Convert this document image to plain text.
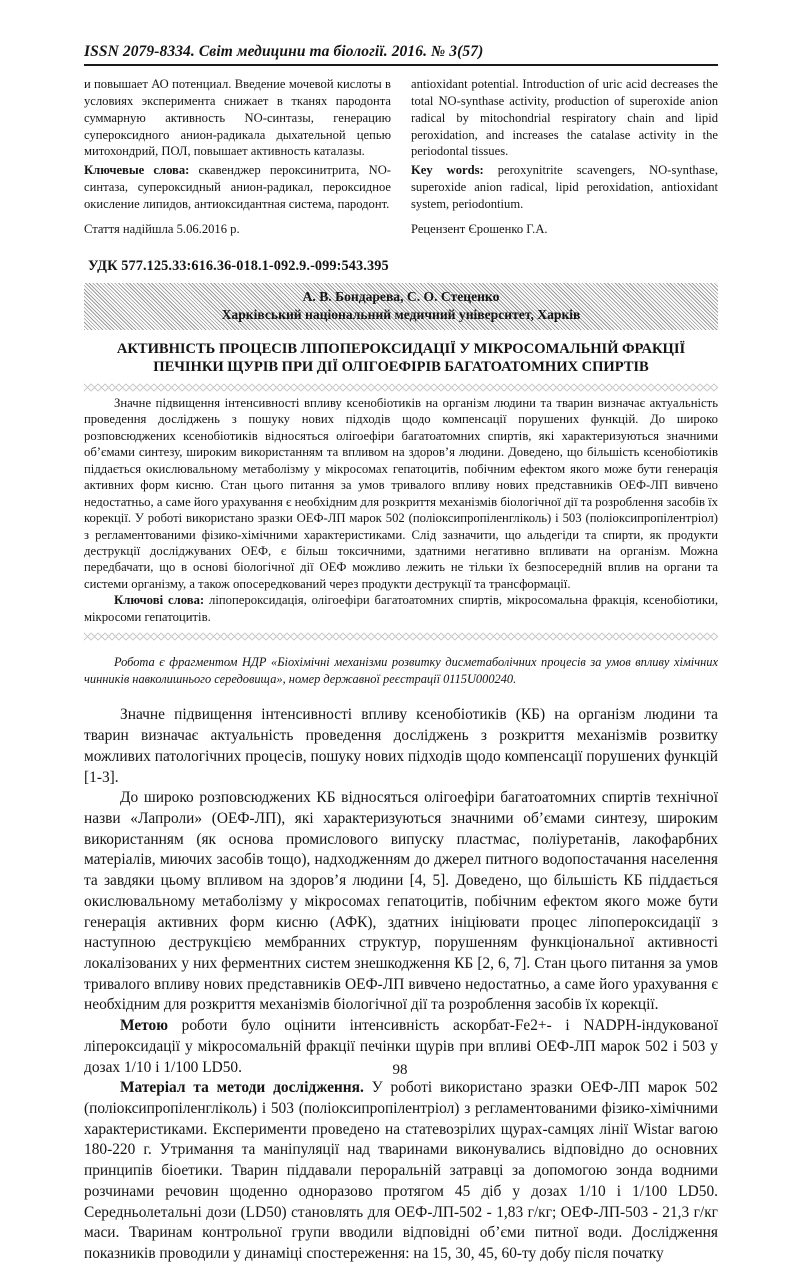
ISSN 2079-8334. Світ медицини та біології. 2016. № 3(57)

и повышает АО потенциал. Введение мочевой кислоты в условиях эксперимента снижает в тканях пародонта суммарную активность NO-синтазы, генерацию супероксидного анион-радикала дыхательной цепью митохондрий, ПОЛ, повышает активность каталазы.

Ключевые слова: скавенджер пероксинитрита, NO-синтаза, супероксидный анион-радикал, пероксидное окисление липидов, антиоксидантная система, пародонт.

Стаття надійшла 5.06.2016 р.

antioxidant potential. Introduction of uric acid decreases the total NO-synthase activity, production of superoxide anion radical by mitochondrial respiratory chain and lipid peroxidation, and increases the catalase activity in the periodontal tissues.

Key words: peroxynitrite scavengers, NO-synthase, superoxide anion radical, lipid peroxidation, antioxidant system, periodontium.

Рецензент Єрошенко Г.А.

УДК 577.125.33:616.36-018.1-092.9.-099:543.395
А. В. Бондарева, С. О. Стеценко
Харківський національний медичний університет, Харків
АКТИВНІСТЬ ПРОЦЕСІВ ЛІПОПЕРОКСИДАЦІЇ У МІКРОСОМАЛЬНІЙ ФРАКЦІЇ
ПЕЧІНКИ ЩУРІВ ПРИ ДІЇ ОЛІГОЕФІРІВ БАГАТОАТОМНИХ СПИРТІВ

Значне підвищення інтенсивності впливу ксенобіотиків на організм людини та тварин визначає актуальність проведення досліджень з пошуку нових підходів щодо компенсації порушених функцій. До широко розповсюджених ксенобіотиків відносяться олігоефіри багатоатомних спиртів, які характеризуються значними об’ємами синтезу, широким використанням та впливом на здоров’я людини. Доведено, що більшість ксенобіотиків піддається окислювальному метаболізму у мікросомах гепатоцитів, побічним ефектом якого може бути генерація активних форм кисню. Стан цього питання за умов тривалого впливу нових представників ОЕФ-ЛП вивчено недостатньо, а саме його урахування є необхідним для розкриття механізмів біологічної дії та розроблення засобів їх корекції. У роботі використано зразки ОЕФ-ЛП марок 502 (поліоксипропіленгліколь) і 503 (поліоксипропілентріол) з регламентованими фізико-хімічними характеристиками. Слід зазначити, що альдегіди та спирти, як продукти деструкції досліджуваних ОЕФ, є більш токсичними, здатними негативно впливати на організм. Можна передбачати, що в основі біологічної дії ОЕФ можливо лежить не тільки їх безпосередній вплив на органи та системи організму, а також опосередкований через продукти деструкції та трансформації.

Ключові слова: ліпопероксидація, олігоефіри багатоатомних спиртів, мікросомальна фракція, ксенобіотики, мікросоми гепатоцитів.

Робота є фрагментом НДР «Біохімічні механізми розвитку дисметаболічних процесів за умов впливу хімічних чинників навколишнього середовища», номер державної реєстрації 0115U000240.

Значне підвищення інтенсивності впливу ксенобіотиків (КБ) на організм людини та тварин визначає актуальність проведення досліджень з розкриття механізмів розвитку можливих патологічних процесів, пошуку нових підходів щодо компенсації порушених функцій [1-3].

До широко розповсюджених КБ відносяться олігоефіри багатоатомних спиртів технічної назви «Лапроли» (ОЕФ-ЛП), які характеризуються значними об’ємами синтезу, широким використанням (як основа промислового випуску пластмас, поліуретанів, лакофарбних матеріалів, миючих засобів тощо), надходженням до джерел питного водопостачання населення та завдяки цьому впливом на здоров’я людини [4, 5]. Доведено, що більшість КБ піддається окислювальному метаболізму у мікросомах гепатоцитів, побічним ефектом якого може бути генерація активних форм кисню (АФК), здатних ініціювати процес ліпопероксидації з наступною деструкцією мембранних структур, порушенням функціональної активності локалізованих у них ферментних систем знешкодження КБ [2, 6, 7]. Стан цього питання за умов тривалого впливу нових представників ОЕФ-ЛП вивчено недостатньо, а саме його урахування є необхідним для розкриття механізмів біологічної дії та розроблення засобів їх корекції.

Метою роботи було оцінити інтенсивність аскорбат-Fe2+- і NADPH-індукованої ліпероксидації у мікросомальній фракції печінки щурів при впливі ОЕФ-ЛП марок 502 і 503 у дозах 1/10 і 1/100 LD50.

Матеріал та методи дослідження. У роботі використано зразки ОЕФ-ЛП марок 502 (поліоксипропіленгліколь) і 503 (поліоксипропілентріол) з регламентованими фізико-хімічними характеристиками. Експерименти проведено на статевозрілих щурах-самцях лінії Wistar вагою 180-220 г. Утримання та маніпуляції над тваринами виконувались відповідно до основних принципів біоетики. Тварин піддавали пероральній затравці за допомогою зонда водними розчинами речовин щоденно одноразово протягом 45 діб у дозах 1/10 і 1/100 LD50. Середньолетальні дози (LD50) становлять для ОЕФ-ЛП-502 - 1,83 г/кг; ОЕФ-ЛП-503 - 21,3 г/кг маси. Тваринам контрольної групи вводили відповідні об’єми питної води. Дослідження показників проводили у динаміці спостереження: на 15, 30, 45, 60-ту добу після початку

98
